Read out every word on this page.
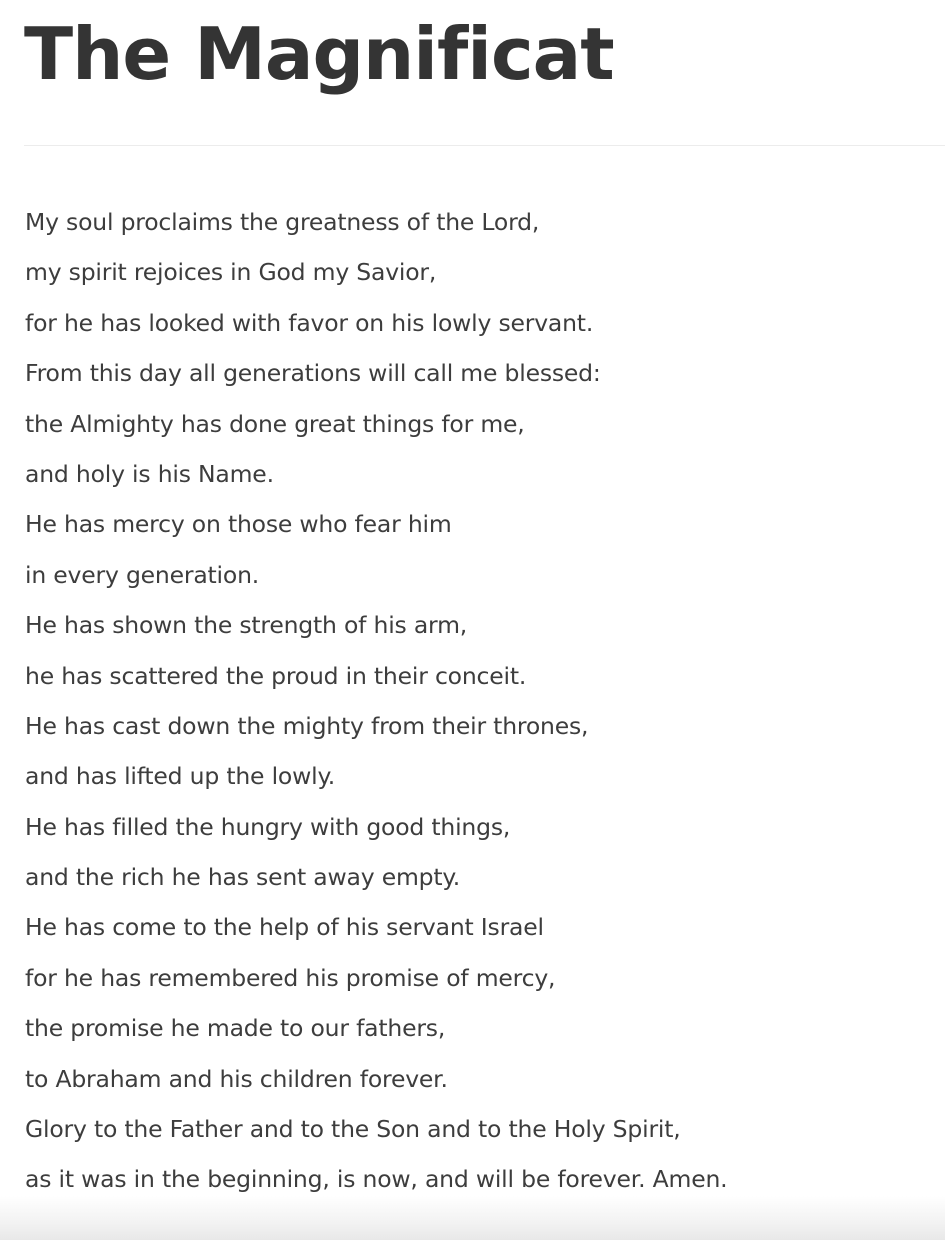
The Magnificat
My soul proclaims the greatness of the Lord,
my spirit rejoices in God my Savior,
for he has looked with favor on his lowly servant.
From this day all generations will call me blessed:
the Almighty has done great things for me,
and holy is his Name.
He has mercy on those who fear him
in every generation.
He has shown the strength of his arm,
he has scattered the proud in their conceit.
He has cast down the mighty from their thrones,
and has lifted up the lowly.
He has filled the hungry with good things,
and the rich he has sent away empty.
He has come to the help of his servant Israel
for he has remembered his promise of mercy,
the promise he made to our fathers,
to Abraham and his children forever.
Glory to the Father and to the Son and to the Holy Spirit,
as it was in the beginning, is now, and will be forever. Amen.
